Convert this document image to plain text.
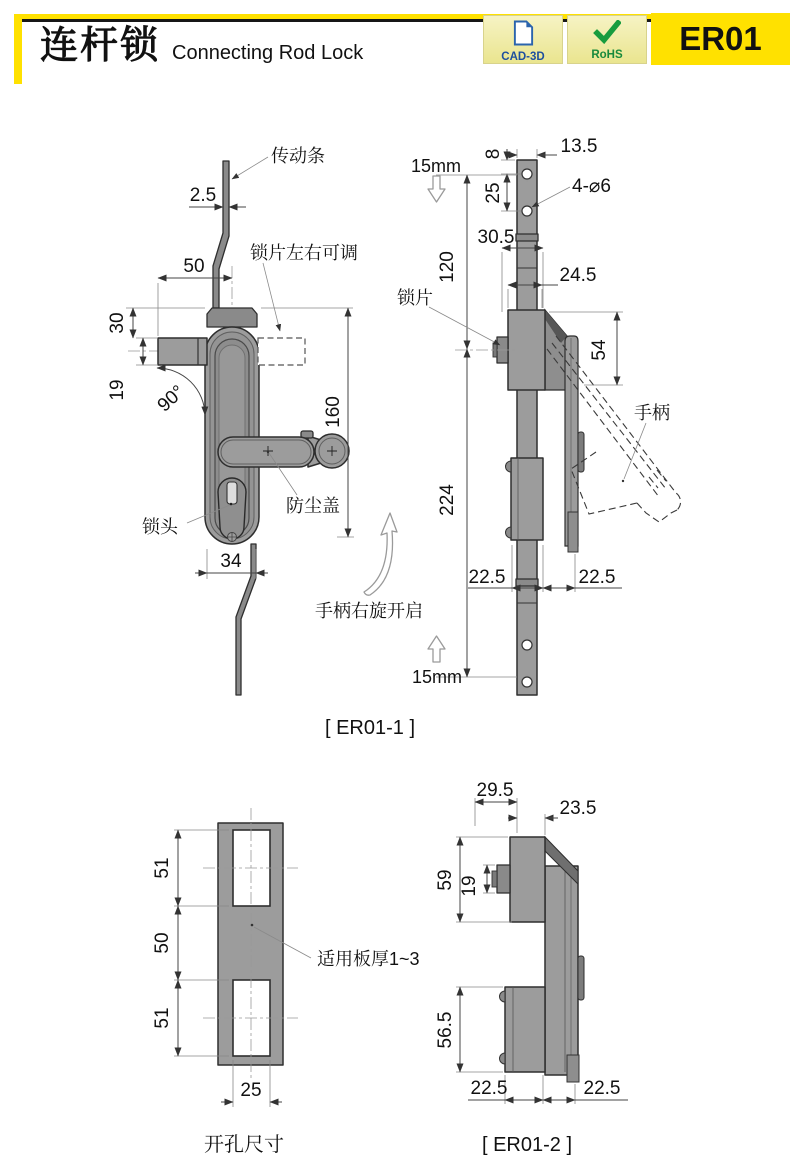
连杆锁 Connecting Rod Lock	CAD-3D	RoHS	ER01
2.5
50
30
19 90°	160
34
传动条
锁片左右可调
锁头
防尘盖
手柄右旋开启
[ ER01-1 ]
13.5
8
25	4-⌀6
30.5
24.5
120
224
54
22.5	22.5
锁片
手柄
15mm
15mm
51
50
51
25
适用板厚1~3
开孔尺寸
29.5
23.5
59 19
56.5
22.5	22.5
[ ER01-2 ]
